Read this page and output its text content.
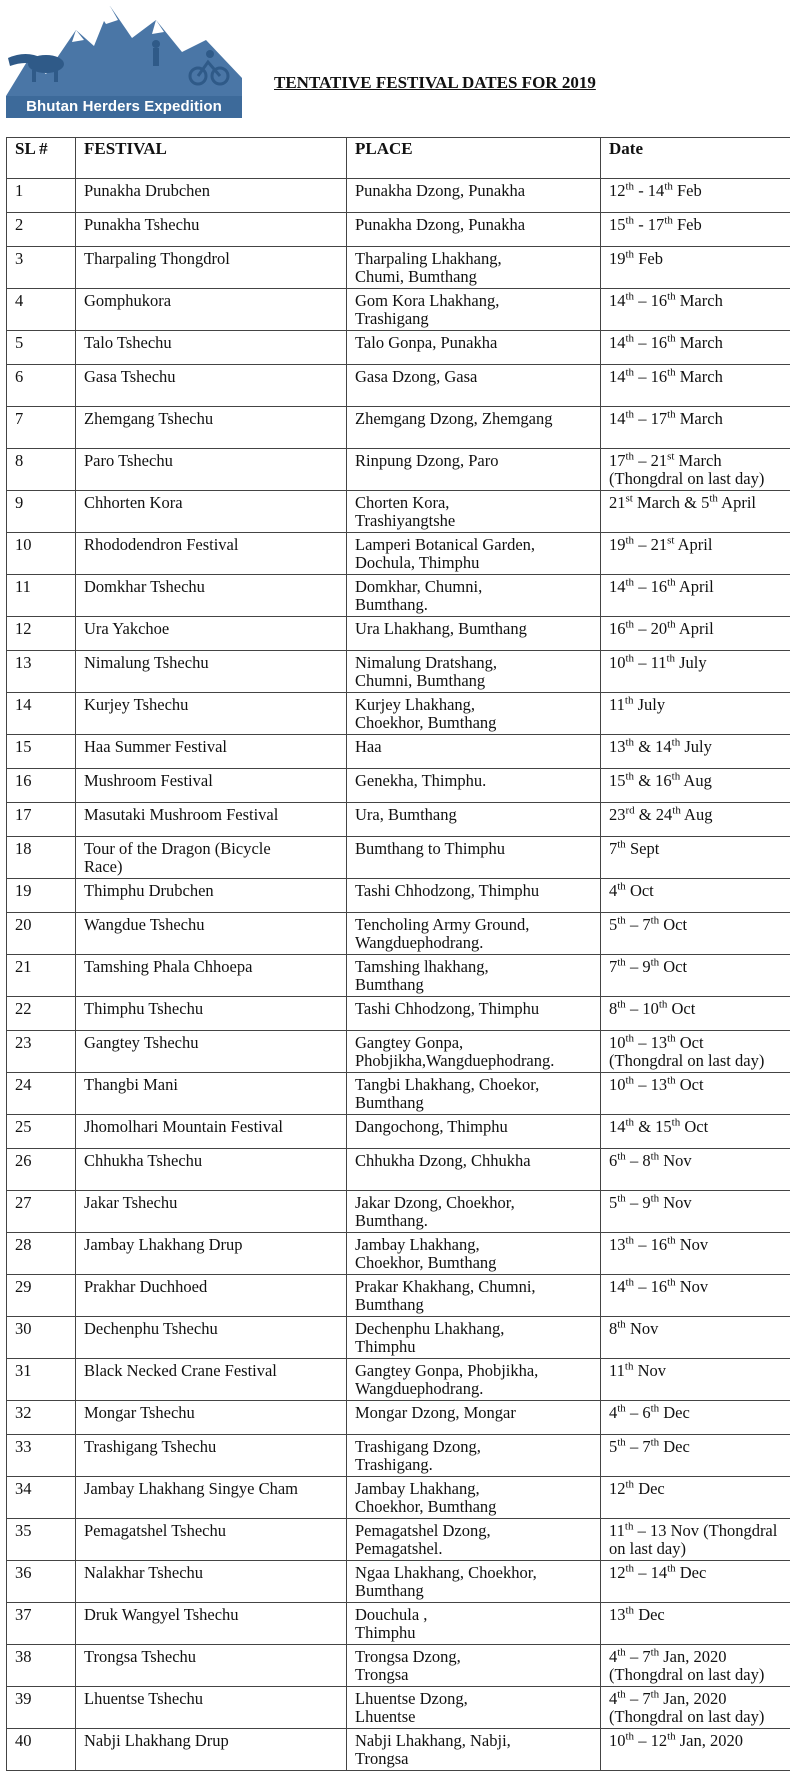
Bhutan Herders Expedition
TENTATIVE FESTIVAL DATES FOR 2019
SL #	FESTIVAL	PLACE	Date
1	Punakha Drubchen	Punakha Dzong, Punakha	12th - 14th Feb
2	Punakha Tshechu	Punakha Dzong, Punakha	15th - 17th Feb
3	Tharpaling Thongdrol	Tharpaling Lhakhang,
Chumi, Bumthang	19th Feb
4	Gomphukora	Gom Kora Lhakhang,
Trashigang	14th – 16th March
5	Talo Tshechu	Talo Gonpa, Punakha	14th – 16th March
6	Gasa Tshechu	Gasa Dzong, Gasa	14th – 16th March
7	Zhemgang Tshechu	Zhemgang Dzong, Zhemgang	14th – 17th March
8	Paro Tshechu	Rinpung Dzong, Paro	17th – 21st March
(Thongdral on last day)
9	Chhorten Kora	Chorten Kora,
Trashiyangtshe	21st March & 5th April
10	Rhododendron Festival	Lamperi Botanical Garden,
Dochula, Thimphu	19th – 21st April
11	Domkhar Tshechu	Domkhar, Chumni,
Bumthang.	14th – 16th April
12	Ura Yakchoe	Ura Lhakhang, Bumthang	16th – 20th April
13	Nimalung Tshechu	Nimalung Dratshang,
Chumni, Bumthang	10th – 11th July
14	Kurjey Tshechu	Kurjey Lhakhang,
Choekhor, Bumthang	11th July
15	Haa Summer Festival	Haa	13th & 14th July
16	Mushroom Festival	Genekha, Thimphu.	15th & 16th Aug
17	Masutaki Mushroom Festival	Ura, Bumthang	23rd & 24th Aug
18	Tour of the Dragon (Bicycle
Race)	Bumthang to Thimphu	7th Sept
19	Thimphu Drubchen	Tashi Chhodzong, Thimphu	4th Oct
20	Wangdue Tshechu	Tencholing Army Ground,
Wangduephodrang.	5th – 7th Oct
21	Tamshing Phala Chhoepa	Tamshing lhakhang,
Bumthang	7th – 9th Oct
22	Thimphu Tshechu	Tashi Chhodzong, Thimphu	8th – 10th Oct
23	Gangtey Tshechu	Gangtey Gonpa,
Phobjikha,Wangduephodrang.	10th – 13th Oct
(Thongdral on last day)
24	Thangbi Mani	Tangbi Lhakhang, Choekor,
Bumthang	10th – 13th Oct
25	Jhomolhari Mountain Festival	Dangochong, Thimphu	14th & 15th Oct
26	Chhukha Tshechu	Chhukha Dzong, Chhukha	6th – 8th Nov
27	Jakar Tshechu	Jakar Dzong, Choekhor,
Bumthang.	5th – 9th Nov
28	Jambay Lhakhang Drup	Jambay Lhakhang,
Choekhor, Bumthang	13th – 16th Nov
29	Prakhar Duchhoed	Prakar Khakhang, Chumni,
Bumthang	14th – 16th Nov
30	Dechenphu Tshechu	Dechenphu Lhakhang,
Thimphu	8th Nov
31	Black Necked Crane Festival	Gangtey Gonpa, Phobjikha,
Wangduephodrang.	11th Nov
32	Mongar Tshechu	Mongar Dzong, Mongar	4th – 6th Dec
33	Trashigang Tshechu	Trashigang Dzong,
Trashigang.	5th – 7th Dec
34	Jambay Lhakhang Singye Cham	Jambay Lhakhang,
Choekhor, Bumthang	12th Dec
35	Pemagatshel Tshechu	Pemagatshel Dzong,
Pemagatshel.	11th – 13 Nov (Thongdral
on last day)
36	Nalakhar Tshechu	Ngaa Lhakhang, Choekhor,
Bumthang	12th – 14th Dec
37	Druk Wangyel Tshechu	Douchula ,
Thimphu	13th Dec
38	Trongsa Tshechu	Trongsa Dzong,
Trongsa	4th – 7th Jan, 2020
(Thongdral on last day)
39	Lhuentse Tshechu	Lhuentse Dzong,
Lhuentse	4th – 7th Jan, 2020
(Thongdral on last day)
40	Nabji Lhakhang Drup	Nabji Lhakhang, Nabji,
Trongsa	10th – 12th Jan, 2020
